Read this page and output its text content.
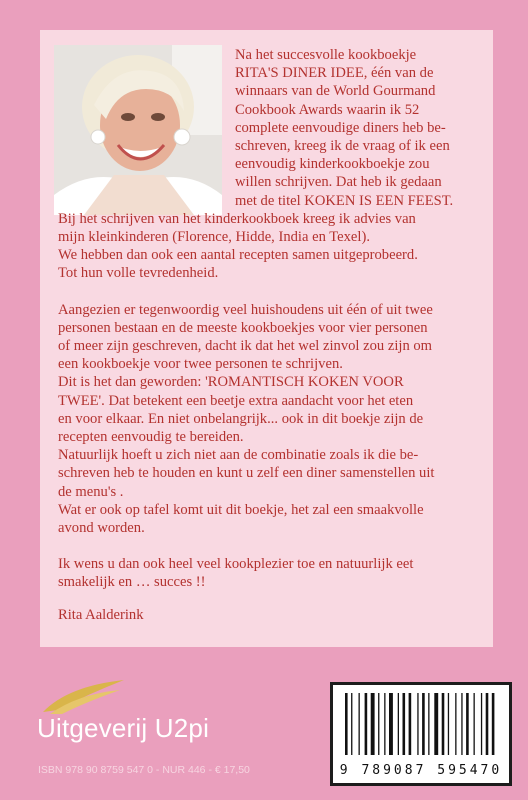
Na het succesvolle kookboekje

RITA'S DINER IDEE, één van de

winnaars van de World Gourmand

Cookbook Awards waarin ik 52

complete eenvoudige diners heb be-

schreven, kreeg ik de vraag of ik een

eenvoudig kinderkookboekje zou

willen schrijven. Dat heb ik gedaan

met de titel KOKEN IS EEN FEEST.

Bij het schrijven van het kinderkookboek kreeg ik advies van

mijn kleinkinderen (Florence, Hidde, India en Texel).

We hebben dan ook een aantal recepten samen uitgeprobeerd.

Tot hun volle tevredenheid.

Aangezien er tegenwoordig veel huishoudens uit één of uit twee

personen bestaan en de meeste kookboekjes voor vier personen

of meer zijn geschreven, dacht ik dat het wel zinvol zou zijn om

een kookboekje voor twee personen te schrijven.

Dit is het dan geworden: 'ROMANTISCH KOKEN VOOR

TWEE'. Dat betekent een beetje extra aandacht voor het eten

en voor elkaar. En niet onbelangrijk... ook in dit boekje zijn de

recepten eenvoudig te bereiden.

Natuurlijk hoeft u zich niet aan de combinatie zoals ik die be-

schreven heb te houden en kunt u zelf een diner samenstellen uit

de menu's .

Wat er ook op tafel komt uit dit boekje, het zal een smaakvolle

avond worden.

Ik wens u dan ook heel veel kookplezier toe en natuurlijk eet

smakelijk en … succes !!

Rita Aalderink

Uitgeverij U2pi
ISBN 978 90 8759 547 0 - NUR 446 - € 17,50	9 789087 595470
